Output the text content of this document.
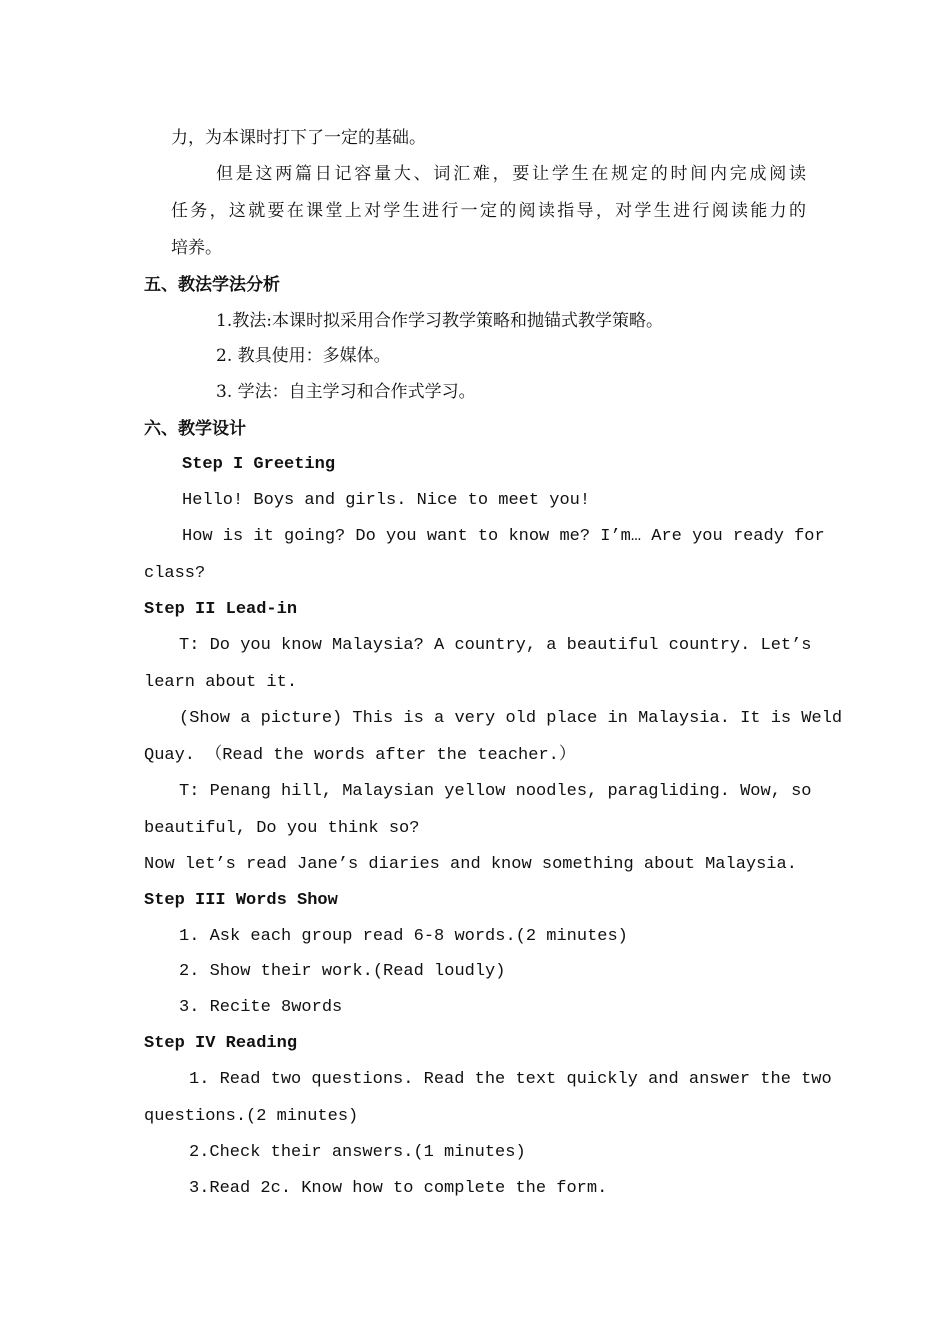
力，为本课时打下了一定的基础。
但是这两篇日记容量大、词汇难，要让学生在规定的时间内完成阅读
任务，这就要在课堂上对学生进行一定的阅读指导，对学生进行阅读能力的
培养。
五、教法学法分析
1.教法:本课时拟采用合作学习教学策略和抛锚式教学策略。
2. 教具使用：多媒体。
3. 学法：自主学习和合作式学习。
六、教学设计
Step I Greeting
Hello! Boys and girls. Nice to meet you!
How is it going? Do you want to know me? I’m… Are you ready for
class?
Step II Lead-in
T: Do you know Malaysia? A country, a beautiful country. Let’s
learn about it.
(Show a picture) This is a very old place in Malaysia. It is Weld
Quay. （Read the words after the teacher.）
T: Penang hill, Malaysian yellow noodles, paragliding. Wow, so
beautiful, Do you think so?
Now let’s read Jane’s diaries and know something about Malaysia.
Step III Words Show
1. Ask each group read 6-8 words.(2 minutes)
2. Show their work.(Read loudly)
3. Recite 8words
Step IV Reading
1. Read two questions. Read the text quickly and answer the two
questions.(2 minutes)
2.Check their answers.(1 minutes)
3.Read 2c. Know how to complete the form.
